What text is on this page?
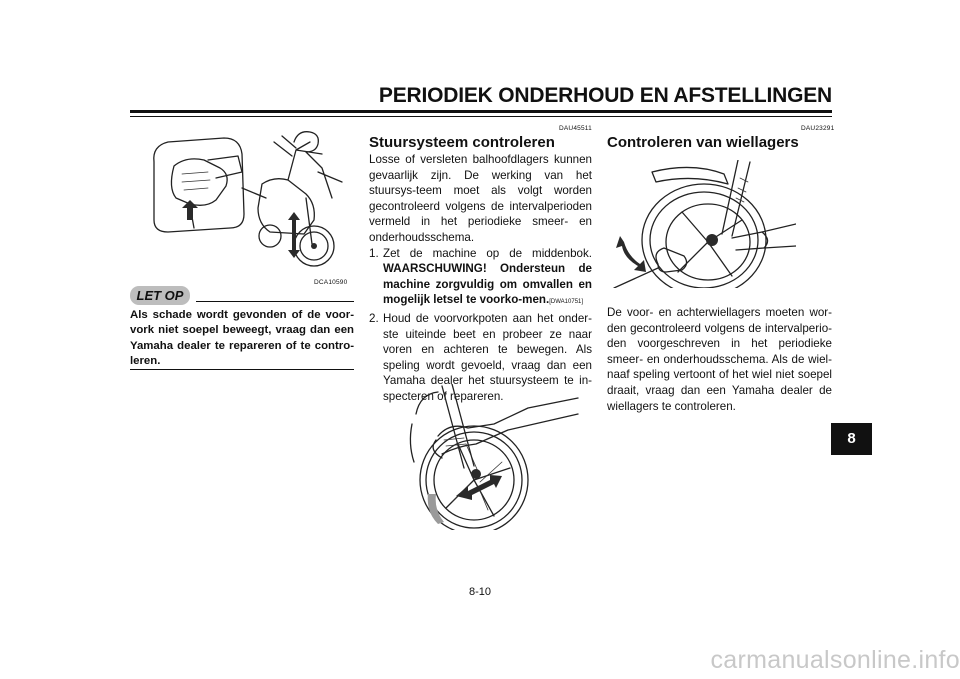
PERIODIEK ONDERHOUD EN AFSTELLINGEN
DCA10590
LET OP
Als schade wordt gevonden of de voor-vork niet soepel beweegt, vraag dan een Yamaha dealer te repareren of te contro-leren.
DAU45511
Stuursysteem controleren

Losse of versleten balhoofdlagers kunnen gevaarlijk zijn. De werking van het stuursys-teem moet als volgt worden gecontroleerd volgens de intervalperioden vermeld in het periodieke smeer- en onderhoudsschema.

1. Zet de machine op de middenbok. WAARSCHUWING! Ondersteun de machine zorgvuldig om omvallen en mogelijk letsel te voorko-men.[DWA10751]
2. Houd de voorvorkpoten aan het onder-ste uiteinde beet en probeer ze naar voren en achteren te bewegen. Als speling wordt gevoeld, vraag dan een Yamaha dealer het stuursysteem te in-specteren of repareren.
DAU23291
Controleren van wiellagers
De voor- en achterwiellagers moeten wor-den gecontroleerd volgens de intervalperio-den voorgeschreven in het periodieke smeer- en onderhoudsschema. Als de wiel-naaf speling vertoont of het wiel niet soepel draait, vraag dan een Yamaha dealer de wiellagers te controleren.
8
8-10
carmanualsonline.info
